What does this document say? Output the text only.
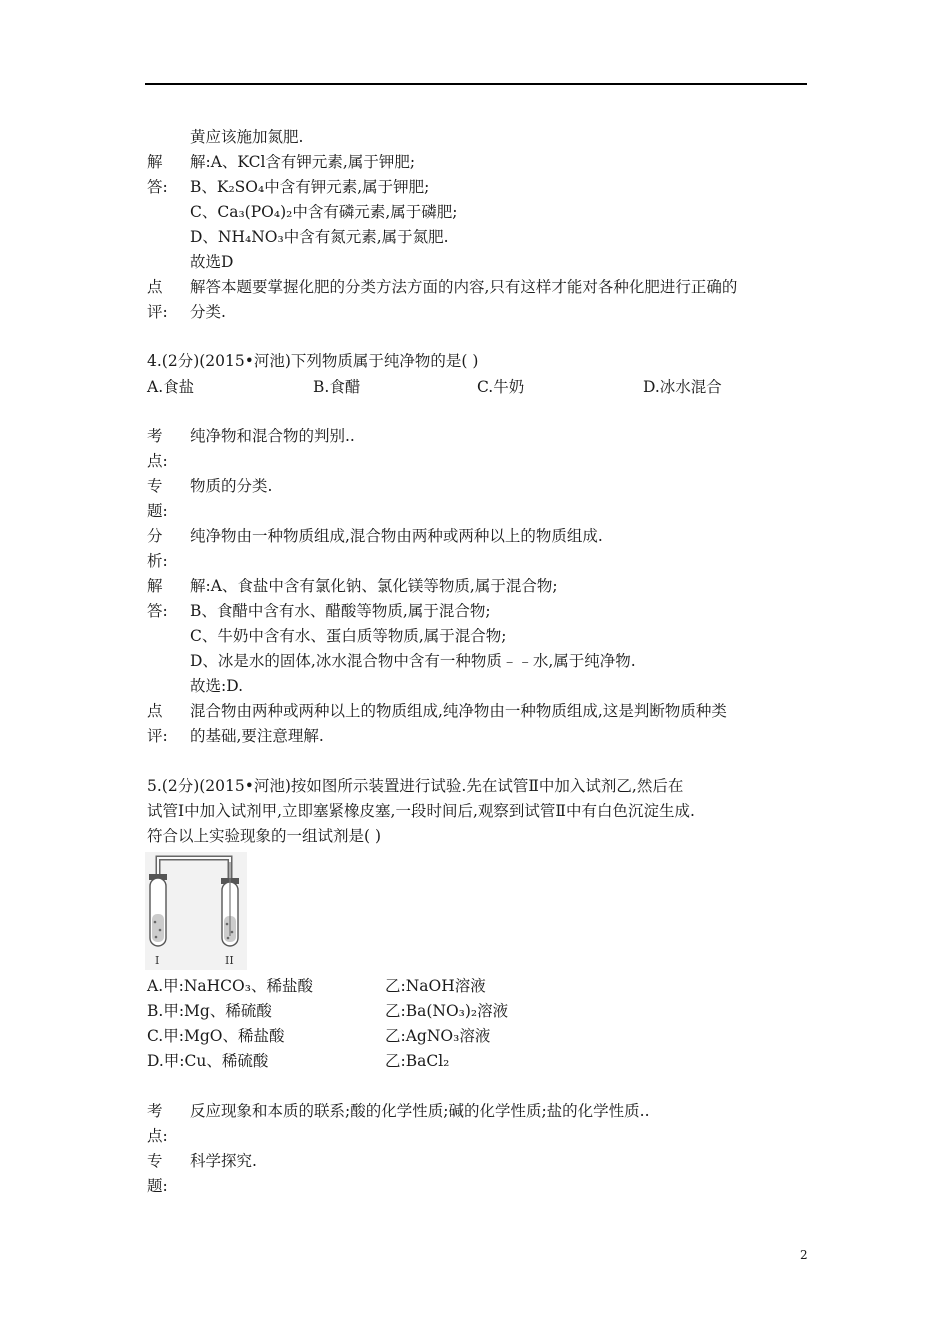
黄应该施加氮肥.
解
答:
解:A、KCl含有钾元素,属于钾肥;
B、K₂SO₄中含有钾元素,属于钾肥;
C、Ca₃(PO₄)₂中含有磷元素,属于磷肥;
D、NH₄NO₃中含有氮元素,属于氮肥.
故选D
点
评:
解答本题要掌握化肥的分类方法方面的内容,只有这样才能对各种化肥进行正确的
分类.
4.(2分)(2015•河池)下列物质属于纯净物的是( )
A.食盐	B.食醋	C.牛奶	D.冰水混合
考
点:
纯净物和混合物的判别..
专
题:
物质的分类.
分
析:
纯净物由一种物质组成,混合物由两种或两种以上的物质组成.
解
答:
解:A、食盐中含有氯化钠、氯化镁等物质,属于混合物;
B、食醋中含有水、醋酸等物质,属于混合物;
C、牛奶中含有水、蛋白质等物质,属于混合物;
D、冰是水的固体,冰水混合物中含有一种物质﹣﹣水,属于纯净物.
故选:D.
点
评:
混合物由两种或两种以上的物质组成,纯净物由一种物质组成,这是判断物质种类
的基础,要注意理解.
5.(2分)(2015•河池)按如图所示装置进行试验.先在试管Ⅱ中加入试剂乙,然后在
试管Ⅰ中加入试剂甲,立即塞紧橡皮塞,一段时间后,观察到试管Ⅱ中有白色沉淀生成.
符合以上实验现象的一组试剂是( )
I	II
A.甲:NaHCO₃、稀盐酸	乙:NaOH溶液
B.甲:Mg、稀硫酸	乙:Ba(NO₃)₂溶液
C.甲:MgO、稀盐酸	乙:AgNO₃溶液
D.甲:Cu、稀硫酸	乙:BaCl₂
考
点:
反应现象和本质的联系;酸的化学性质;碱的化学性质;盐的化学性质..
专
题:
科学探究.
2
